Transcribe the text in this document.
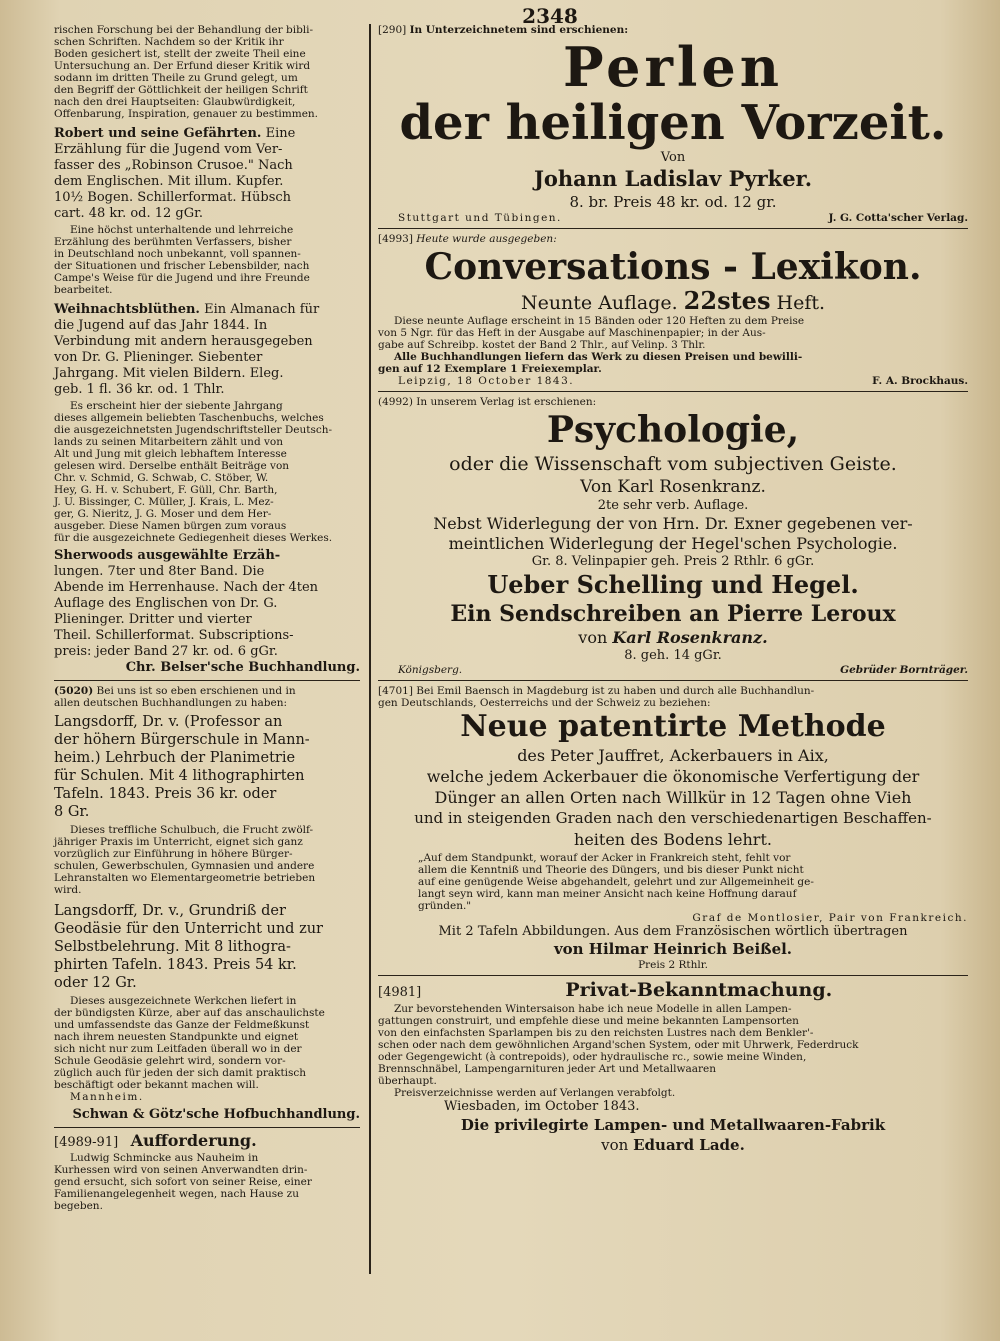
2348

rischen Forschung bei der Behandlung der bibli-

schen Schriften. Nachdem so der Kritik ihr

Boden gesichert ist, stellt der zweite Theil eine

Untersuchung an. Der Erfund dieser Kritik wird

sodann im dritten Theile zu Grund gelegt, um

den Begriff der Göttlichkeit der heiligen Schrift

nach den drei Hauptseiten: Glaubwürdigkeit,

Offenbarung, Inspiration, genauer zu bestimmen.

Robert und seine Gefährten. Eine Erzählung für die Jugend vom Ver-

fasser des „Robinson Crusoe." Nach

dem Englischen. Mit illum. Kupfer.

10½ Bogen. Schillerformat. Hübsch

cart. 48 kr. od. 12 gGr.

Eine höchst unterhaltende und lehrreiche

Erzählung des berühmten Verfassers, bisher

in Deutschland noch unbekannt, voll spannen-

der Situationen und frischer Lebensbilder, nach

Campe's Weise für die Jugend und ihre Freunde

bearbeitet.

Weihnachtsblüthen. Ein Almanach für

die Jugend auf das Jahr 1844. In

Verbindung mit andern herausgegeben

von Dr. G. Plieninger. Siebenter

Jahrgang. Mit vielen Bildern. Eleg.

geb. 1 fl. 36 kr. od. 1 Thlr.

Es erscheint hier der siebente Jahrgang

dieses allgemein beliebten Taschenbuchs, welches

die ausgezeichnetsten Jugendschriftsteller Deutsch-

lands zu seinen Mitarbeitern zählt und von

Alt und Jung mit gleich lebhaftem Interesse

gelesen wird. Derselbe enthält Beiträge von

Chr. v. Schmid, G. Schwab, C. Stöber, W.

Hey, G. H. v. Schubert, F. Güll, Chr. Barth,

J. U. Bissinger, C. Müller, J. Krais, L. Mez-

ger, G. Nieritz, J. G. Moser und dem Her-

ausgeber. Diese Namen bürgen zum voraus

für die ausgezeichnete Gediegenheit dieses Werkes.

Sherwoods ausgewählte Erzäh-

lungen. 7ter und 8ter Band. Die

Abende im Herrenhause. Nach der 4ten

Auflage des Englischen von Dr. G.

Plieninger. Dritter und vierter

Theil. Schillerformat. Subscriptions-

preis: jeder Band 27 kr. od. 6 gGr.

Chr. Belser'sche Buchhandlung.

(5020) Bei uns ist so eben erschienen und in

allen deutschen Buchhandlungen zu haben:

Langsdorff, Dr. v. (Professor an

der höhern Bürgerschule in Mann-

heim.) Lehrbuch der Planimetrie

für Schulen. Mit 4 lithographirten

Tafeln. 1843. Preis 36 kr. oder

8 Gr.

Dieses treffliche Schulbuch, die Frucht zwölf-

jähriger Praxis im Unterricht, eignet sich ganz

vorzüglich zur Einführung in höhere Bürger-

schulen, Gewerbschulen, Gymnasien und andere

Lehranstalten wo Elementargeometrie betrieben

wird.

Langsdorff, Dr. v., Grundriß der

Geodäsie für den Unterricht und zur

Selbstbelehrung. Mit 8 lithogra-

phirten Tafeln. 1843. Preis 54 kr.

oder 12 Gr.

Dieses ausgezeichnete Werkchen liefert in

der bündigsten Kürze, aber auf das anschaulichste

und umfassendste das Ganze der Feldmeßkunst

nach ihrem neuesten Standpunkte und eignet

sich nicht nur zum Leitfaden überall wo in der

Schule Geodäsie gelehrt wird, sondern vor-

züglich auch für jeden der sich damit praktisch

beschäftigt oder bekannt machen will.

Mannheim.

Schwan & Götz'sche Hofbuchhandlung.

[4989-91] Aufforderung.

Ludwig Schmincke aus Nauheim in

Kurhessen wird von seinen Anverwandten drin-

gend ersucht, sich sofort von seiner Reise, einer

Familienangelegenheit wegen, nach Hause zu

begeben.

[290] In Unterzeichnetem sind erschienen:

Perlen

der heiligen Vorzeit.

Von

Johann Ladislav Pyrker.

8. br. Preis 48 kr. od. 12 gr.

Stuttgart und Tübingen.	J. G. Cotta'scher Verlag.

[4993] Heute wurde ausgegeben:

Conversations - Lexikon.

Neunte Auflage. 22stes Heft.

Diese neunte Auflage erscheint in 15 Bänden oder 120 Heften zu dem Preise

von 5 Ngr. für das Heft in der Ausgabe auf Maschinenpapier; in der Aus-

gabe auf Schreibp. kostet der Band 2 Thlr., auf Velinp. 3 Thlr.

Alle Buchhandlungen liefern das Werk zu diesen Preisen und bewilli-

gen auf 12 Exemplare 1 Freiexemplar.

Leipzig, 18 October 1843.	F. A. Brockhaus.

(4992) In unserem Verlag ist erschienen:

Psychologie,

oder die Wissenschaft vom subjectiven Geiste.

Von Karl Rosenkranz.

2te sehr verb. Auflage.

Nebst Widerlegung der von Hrn. Dr. Exner gegebenen ver-

meintlichen Widerlegung der Hegel'schen Psychologie.

Gr. 8. Velinpapier geh. Preis 2 Rthlr. 6 gGr.

Ueber Schelling und Hegel.

Ein Sendschreiben an Pierre Leroux

von Karl Rosenkranz.

8. geh. 14 gGr.

Königsberg.	Gebrüder Bornträger.

[4701] Bei Emil Baensch in Magdeburg ist zu haben und durch alle Buchhandlun-

gen Deutschlands, Oesterreichs und der Schweiz zu beziehen:

Neue patentirte Methode

des Peter Jauffret, Ackerbauers in Aix,

welche jedem Ackerbauer die ökonomische Verfertigung der

Dünger an allen Orten nach Willkür in 12 Tagen ohne Vieh

und in steigenden Graden nach den verschiedenartigen Beschaffen-

heiten des Bodens lehrt.

„Auf dem Standpunkt, worauf der Acker in Frankreich steht, fehlt vor

allem die Kenntniß und Theorie des Düngers, und bis dieser Punkt nicht

auf eine genügende Weise abgehandelt, gelehrt und zur Allgemeinheit ge-

langt seyn wird, kann man meiner Ansicht nach keine Hoffnung darauf

gründen."

Graf de Montlosier, Pair von Frankreich.

Mit 2 Tafeln Abbildungen. Aus dem Französischen wörtlich übertragen

von Hilmar Heinrich Beißel.

Preis 2 Rthlr.

[4981]	Privat-Bekanntmachung.

Zur bevorstehenden Wintersaison habe ich neue Modelle in allen Lampen-

gattungen construirt, und empfehle diese und meine bekannten Lampensorten

von den einfachsten Sparlampen bis zu den reichsten Lustres nach dem Benkler'-

schen oder nach dem gewöhnlichen Argand'schen System, oder mit Uhrwerk, Federdruck

oder Gegengewicht (à contrepoids), oder hydraulische rc., sowie meine Winden,

Brennschnäbel, Lampengarnituren jeder Art und Metallwaaren

überhaupt.

Preisverzeichnisse werden auf Verlangen verabfolgt.

Wiesbaden, im October 1843.

Die privilegirte Lampen- und Metallwaaren-Fabrik

von Eduard Lade.
